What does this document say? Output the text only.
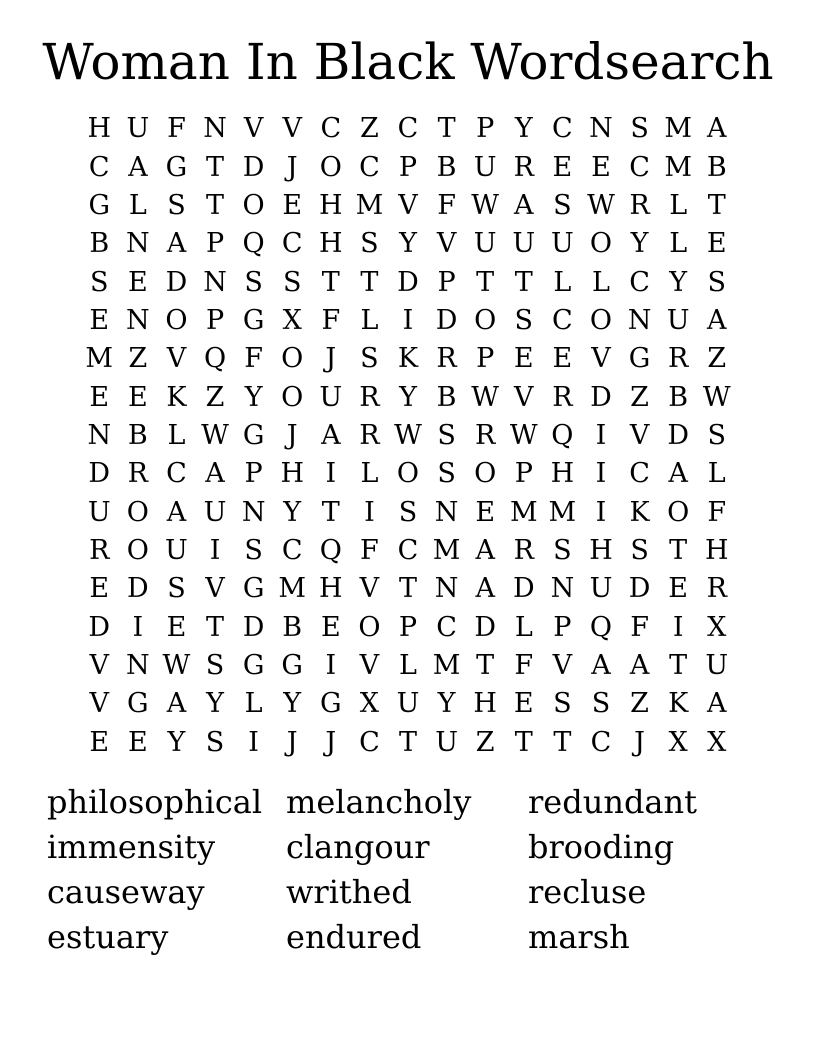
Woman In Black Wordsearch
H U F N V V C Z C T P Y C N S M A
C A G T D J O C P B U R E E C M B
G L S T O E H M V F W A S W R L T
B N A P Q C H S Y V U U U O Y L E
S E D N S S T T D P T T L L C Y S
E N O P G X F L I D O S C O N U A
M Z V Q F O J S K R P E E V G R Z
E E K Z Y O U R Y B W V R D Z B W
N B L W G J A R W S R W Q I V D S
D R C A P H I L O S O P H I C A L
U O A U N Y T I S N E M M I K O F
R O U I S C Q F C M A R S H S T H
E D S V G M H V T N A D N U D E R
D I E T D B E O P C D L P Q F I X
V N W S G G I V L M T F V A A T U
V G A Y L Y G X U Y H E S S Z K A
E E Y S I	J	J C T U Z T T C J X X
philosophical
immensity
causeway
estuary
melancholy
clangour
writhed
endured
redundant
brooding
recluse
marsh
